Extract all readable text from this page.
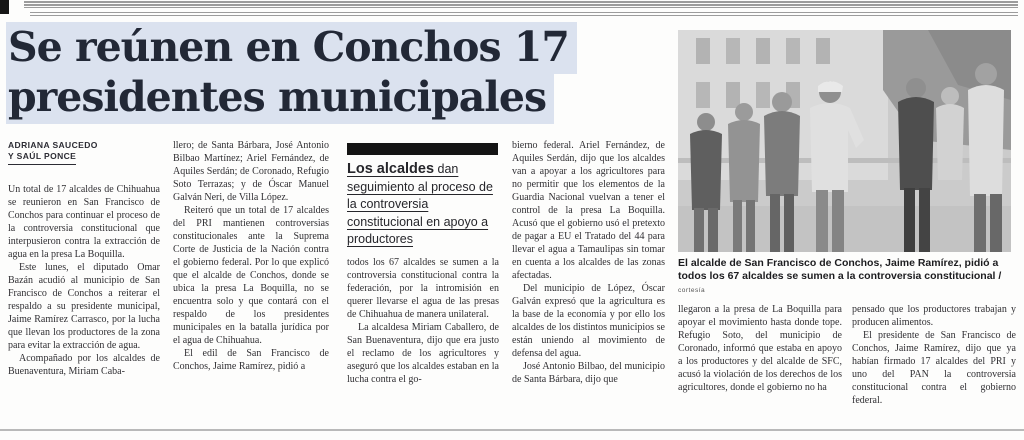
Se reúnen en Conchos 17
presidentes municipales
ADRIANA SAUCEDO
Y SAÚL PONCE

Un total de 17 alcaldes de Chihuahua se reunieron en San Francisco de Conchos para continuar el proceso de la controversia constitucional que interpusieron contra la extracción de agua en la presa La Boquilla.

Este lunes, el diputado Omar Bazán acudió al municipio de San Francisco de Conchos a reiterar el respaldo a su presidente municipal, Jaime Ramírez Carrasco, por la lucha que llevan los productores de la zona para evitar la extracción de agua.

Acompañado por los alcaldes de Buenaventura, Miriam Caba-

llero; de Santa Bárbara, José Antonio Bilbao Martínez; Ariel Fernández, de Aquiles Serdán; de Coronado, Refugio Soto Terrazas; y de Óscar Manuel Galván Neri, de Villa López.

Reiteró que un total de 17 alcaldes del PRI mantienen controversias constitucionales ante la Suprema Corte de Justicia de la Nación contra el gobierno federal. Por lo que explicó que el alcalde de Conchos, donde se ubica la presa La Boquilla, no se encuentra solo y que contará con el respaldo de los presidentes municipales en la batalla jurídica por el agua de Chihuahua.

El edil de San Francisco de Conchos, Jaime Ramírez, pidió a

Los alcaldes dan seguimiento al proceso de la controversia constitucional en apoyo a productores

todos los 67 alcaldes se sumen a la controversia constitucional contra la federación, por la intromisión en querer llevarse el agua de las presas de Chihuahua de manera unilateral.

La alcaldesa Miriam Caballero, de San Buenaventura, dijo que era justo el reclamo de los agricultores y aseguró que los alcaldes estaban en la lucha contra el go-

bierno federal. Ariel Fernández, de Aquiles Serdán, dijo que los alcaldes van a apoyar a los agricultores para no permitir que los elementos de la Guardia Nacional vuelvan a tener el control de la presa La Boquilla. Acusó que el gobierno usó el pretexto de pagar a EU el Tratado del 44 para llevar el agua a Tamaulipas sin tomar en cuenta a los alcaldes de las zonas afectadas.

Del municipio de López, Óscar Galván expresó que la agricultura es la base de la economía y por ello los alcaldes de los distintos municipios se están uniendo al movimiento de defensa del agua.

José Antonio Bilbao, del municipio de Santa Bárbara, dijo que

El alcalde de San Francisco de Conchos, Jaime Ramírez, pidió a todos los 67 alcaldes se sumen a la controversia constitucional /
cortesía

llegaron a la presa de La Boquilla para apoyar el movimiento hasta donde tope. Refugio Soto, del municipio de Coronado, informó que estaba en apoyo a los productores y del alcalde de SFC, acusó la violación de los derechos de los agricultores, donde el gobierno no ha

pensado que los productores trabajan y producen alimentos.

El presidente de San Francisco de Conchos, Jaime Ramírez, dijo que ya habían firmado 17 alcaldes del PRI y uno del PAN la controversia constitucional contra el gobierno federal.
